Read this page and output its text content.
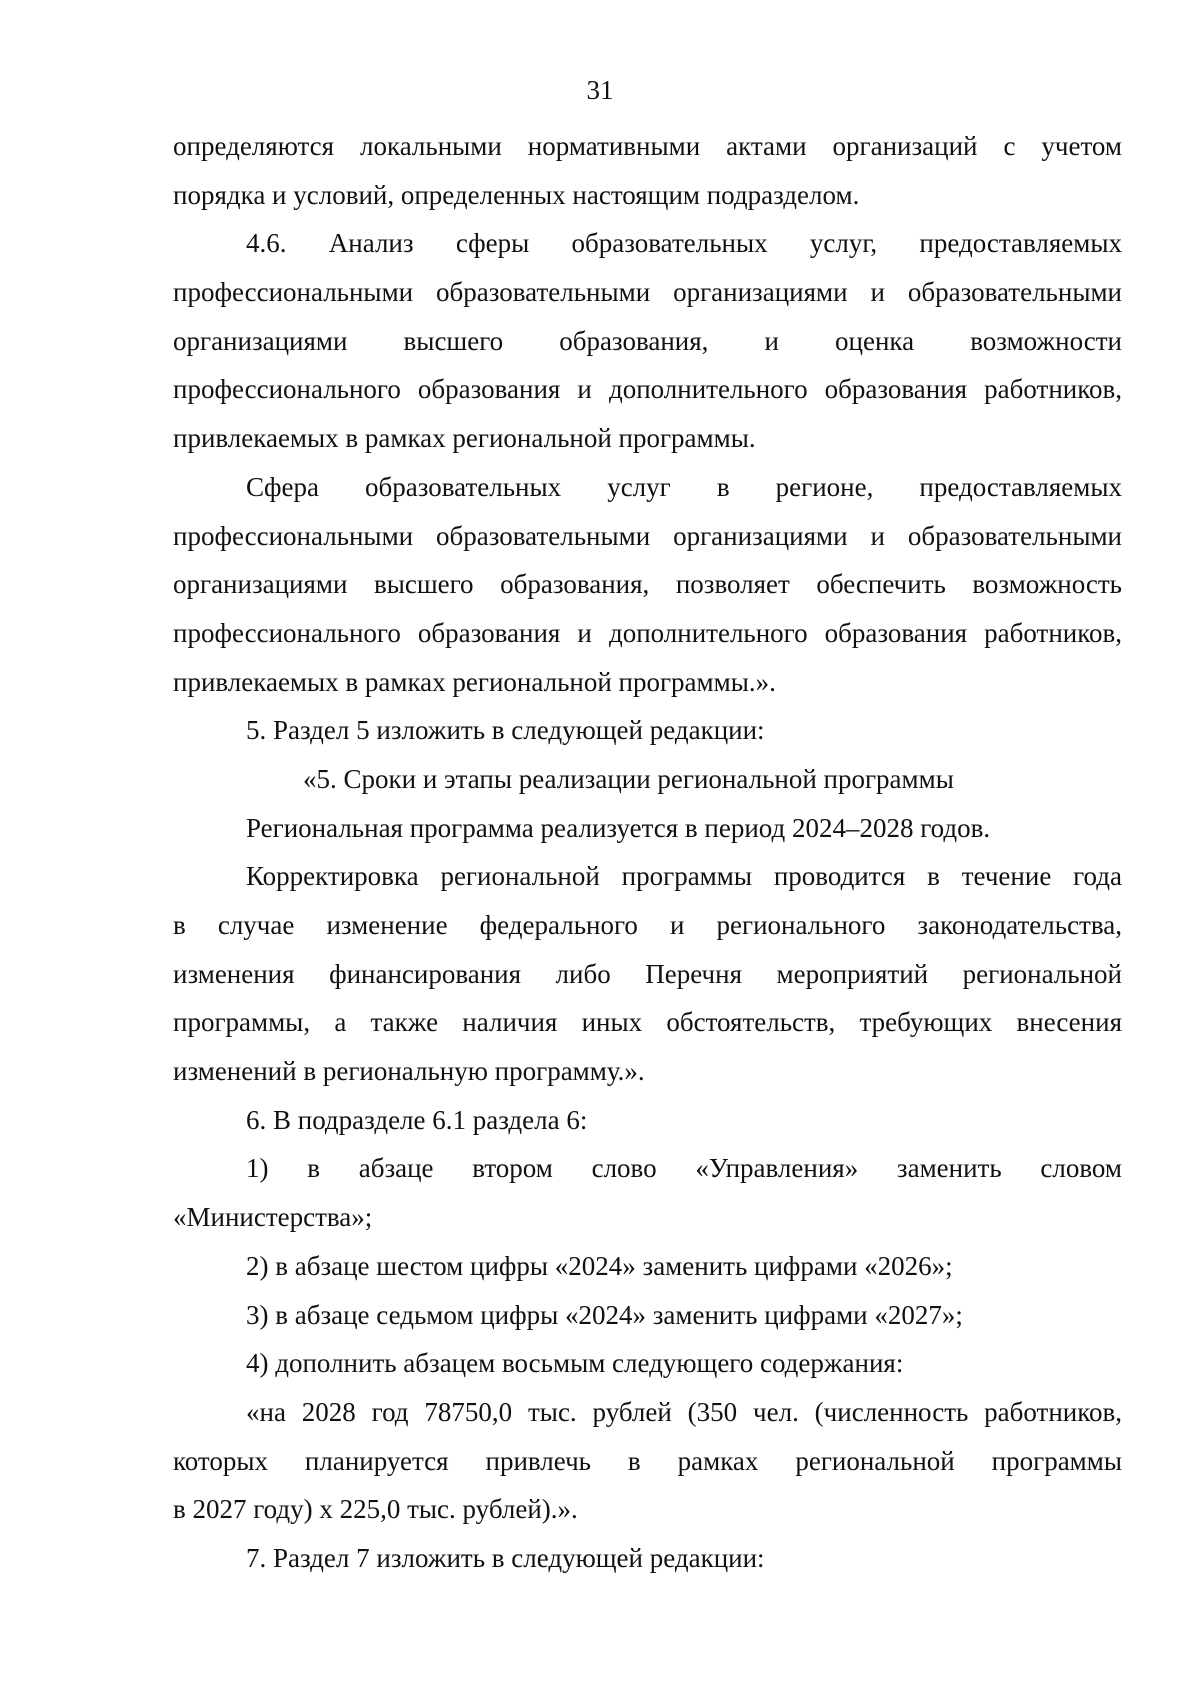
31
определяются локальными нормативными актами организаций с учетом
порядка и условий, определенных настоящим подразделом.
4.6. Анализ сферы образовательных услуг, предоставляемых
профессиональными образовательными организациями и образовательными
организациями высшего образования, и оценка возможности
профессионального образования и дополнительного образования работников,
привлекаемых в рамках региональной программы.
Сфера образовательных услуг в регионе, предоставляемых
профессиональными образовательными организациями и образовательными
организациями высшего образования, позволяет обеспечить возможность
профессионального образования и дополнительного образования работников,
привлекаемых в рамках региональной программы.».
5. Раздел 5 изложить в следующей редакции:
«5. Сроки и этапы реализации региональной программы
Региональная программа реализуется в период 2024–2028 годов.
Корректировка региональной программы проводится в течение года
в случае изменение федерального и регионального законодательства,
изменения финансирования либо Перечня мероприятий региональной
программы, а также наличия иных обстоятельств, требующих внесения
изменений в региональную программу.».
6. В подразделе 6.1 раздела 6:
1) в абзаце втором слово «Управления» заменить словом
«Министерства»;
2) в абзаце шестом цифры «2024» заменить цифрами «2026»;
3) в абзаце седьмом цифры «2024» заменить цифрами «2027»;
4) дополнить абзацем восьмым следующего содержания:
«на 2028 год 78750,0 тыс. рублей (350 чел. (численность работников,
которых планируется привлечь в рамках региональной программы
в 2027 году) x 225,0 тыс. рублей).».
7. Раздел 7 изложить в следующей редакции:
